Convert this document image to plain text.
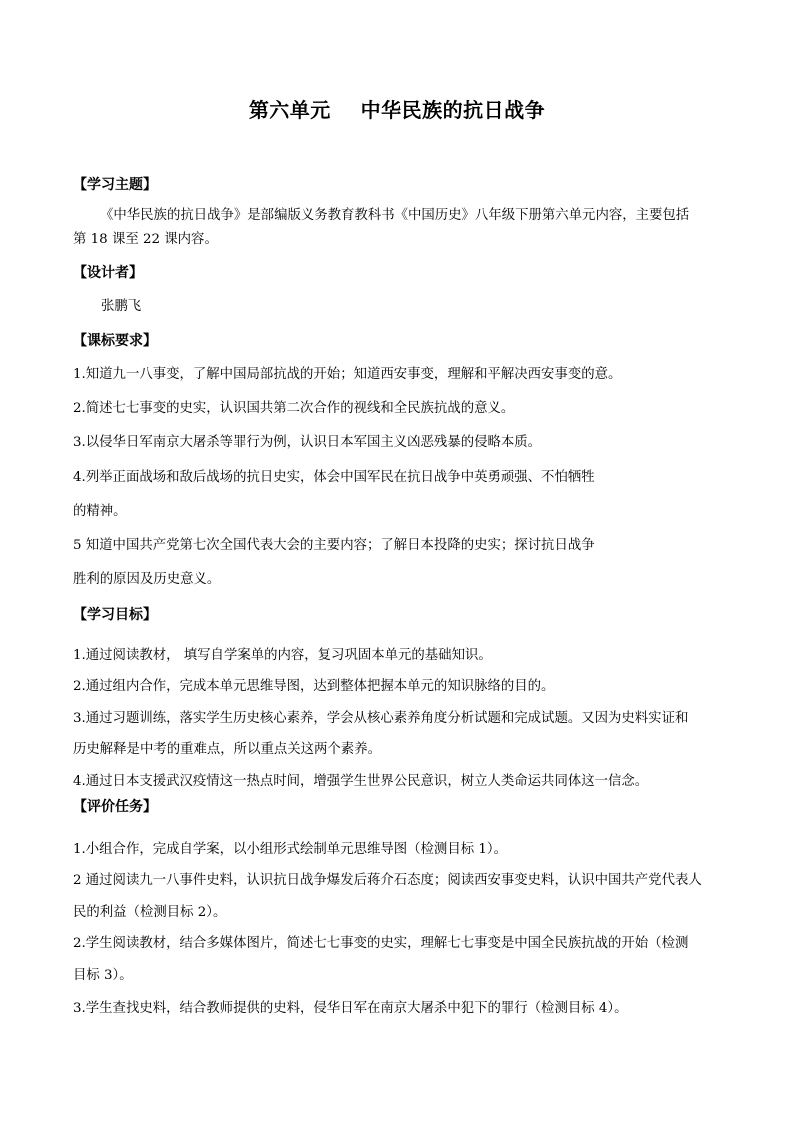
第六单元    中华民族的抗日战争
【学习主题】
《中华民族的抗日战争》是部编版义务教育教科书《中国历史》八年级下册第六单元内容，主要包括
第 18 课至 22 课内容。
【设计者】
张鹏飞
【课标要求】
1.知道九一八事变，了解中国局部抗战的开始；知道西安事变，理解和平解决西安事变的意。
2.简述七七事变的史实，认识国共第二次合作的视线和全民族抗战的意义。
3.以侵华日军南京大屠杀等罪行为例，认识日本军国主义凶恶残暴的侵略本质。
4.列举正面战场和敌后战场的抗日史实，体会中国军民在抗日战争中英勇顽强、不怕牺牲
的精神。
5 知道中国共产党第七次全国代表大会的主要内容；了解日本投降的史实；探讨抗日战争
胜利的原因及历史意义。
【学习目标】
1.通过阅读教材， 填写自学案单的内容，复习巩固本单元的基础知识。
2.通过组内合作，完成本单元思维导图，达到整体把握本单元的知识脉络的目的。
3.通过习题训练，落实学生历史核心素养，学会从核心素养角度分析试题和完成试题。又因为史料实证和
历史解释是中考的重难点，所以重点关这两个素养。
4.通过日本支援武汉疫情这一热点时间，增强学生世界公民意识，树立人类命运共同体这一信念。
【评价任务】
1.小组合作，完成自学案，以小组形式绘制单元思维导图（检测目标 1）。
2 通过阅读九一八事件史料，认识抗日战争爆发后蒋介石态度；阅读西安事变史料，认识中国共产党代表人
民的利益（检测目标 2）。
2.学生阅读教材，结合多媒体图片，简述七七事变的史实，理解七七事变是中国全民族抗战的开始（检测
目标 3）。
3.学生查找史料，结合教师提供的史料，侵华日军在南京大屠杀中犯下的罪行（检测目标 4）。
